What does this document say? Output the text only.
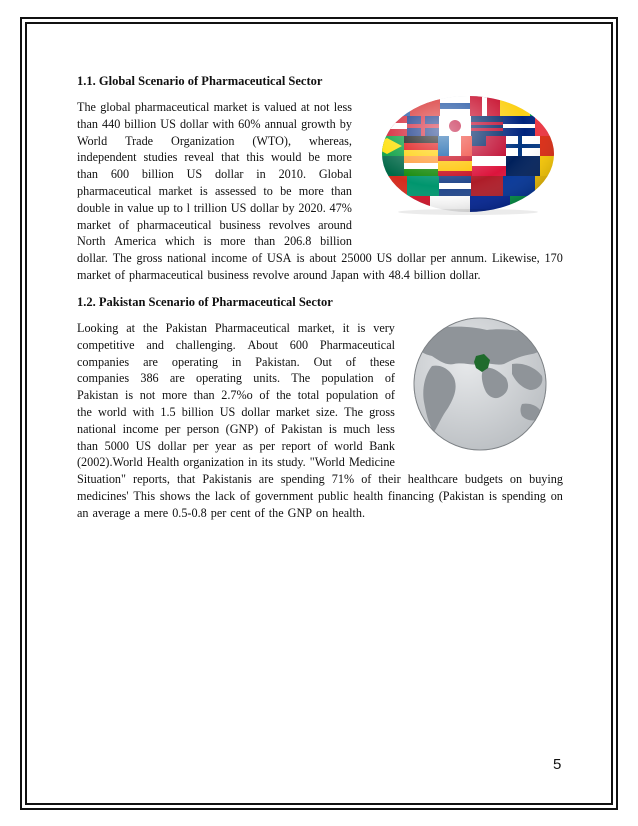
1.1. Global Scenario of Pharmaceutical Sector
The global pharmaceutical market is valued at not less
than 440 billion US dollar with 60% annual growth by
World Trade Organization (WTO), whereas,
independent studies reveal that this would be more
than 600 billion US dollar in 2010. Global
pharmaceutical market is assessed to be more than
double in value up to l trillion US dollar by 2020. 47%
market of pharmaceutical business revolves around
North America which is more than 206.8 billion
dollar. The gross national income of USA is about 25000 US dollar per annum. Likewise, 170
market of pharmaceutical business revolve around Japan with 48.4 billion dollar.
1.2. Pakistan Scenario of Pharmaceutical Sector
Looking at the Pakistan Pharmaceutical market, it is very
competitive and challenging. About 600 Pharmaceutical
companies are operating in Pakistan. Out of these
companies 386 are operating units. The population of
Pakistan is not more than 2.7%o of the total population of
the world with 1.5 billion US dollar market size. The gross
national income per person (GNP) of Pakistan is much less
than 5000 US dollar per year as per report of world Bank
(2002).World Health organization in its study. "World Medicine
Situation" reports, that Pakistanis are spending 71% of their healthcare budgets on buying
medicines' This shows the lack of government public health financing (Pakistan is spending on
an average a mere 0.5-0.8 per cent of the GNP on health.
5
